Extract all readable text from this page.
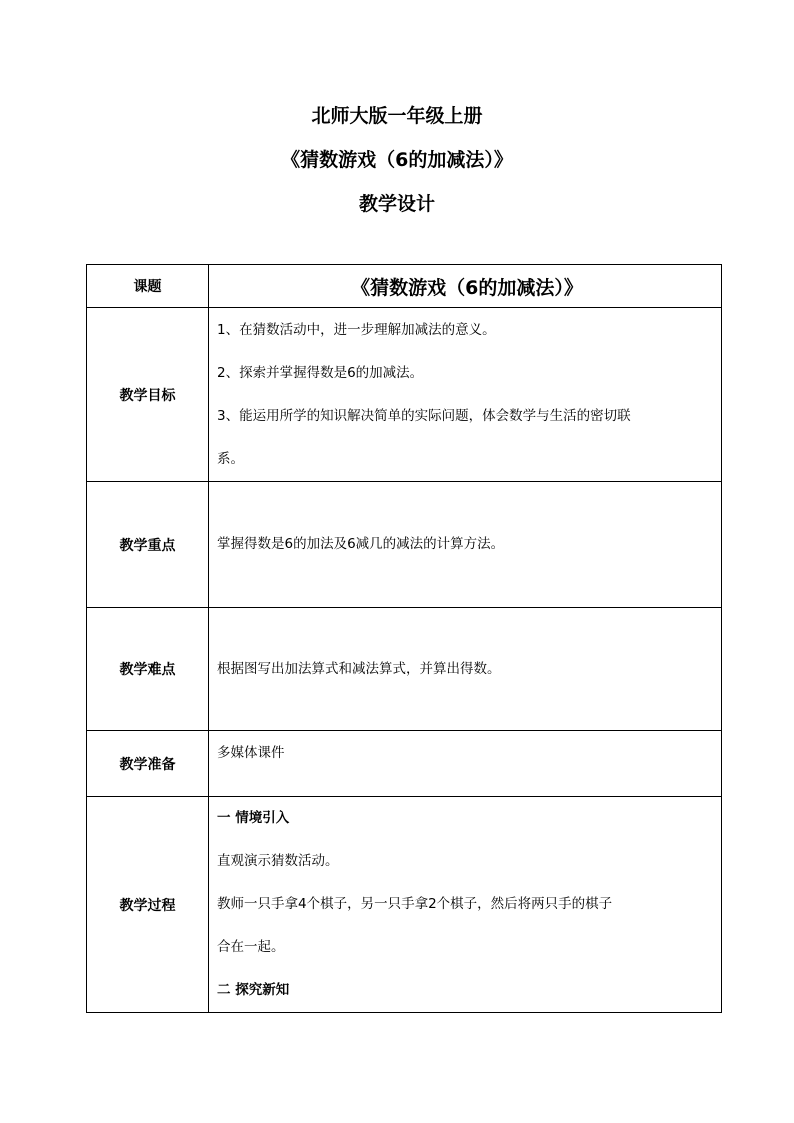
北师大版一年级上册
《猜数游戏（6的加减法）》
教学设计
课题	《猜数游戏（6的加减法）》

教学目标	1、在猜数活动中，进一步理解加减法的意义。
2、探索并掌握得数是6的加减法。
3、能运用所学的知识解决简单的实际问题，体会数学与生活的密切联
系。

教学重点	掌握得数是6的加法及6减几的减法的计算方法。

教学难点	根据图写出加法算式和减法算式，并算出得数。

教学准备	多媒体课件

教学过程	一 情境引入
直观演示猜数活动。
教师一只手拿4个棋子，另一只手拿2个棋子，然后将两只手的棋子
合在一起。
二 探究新知
